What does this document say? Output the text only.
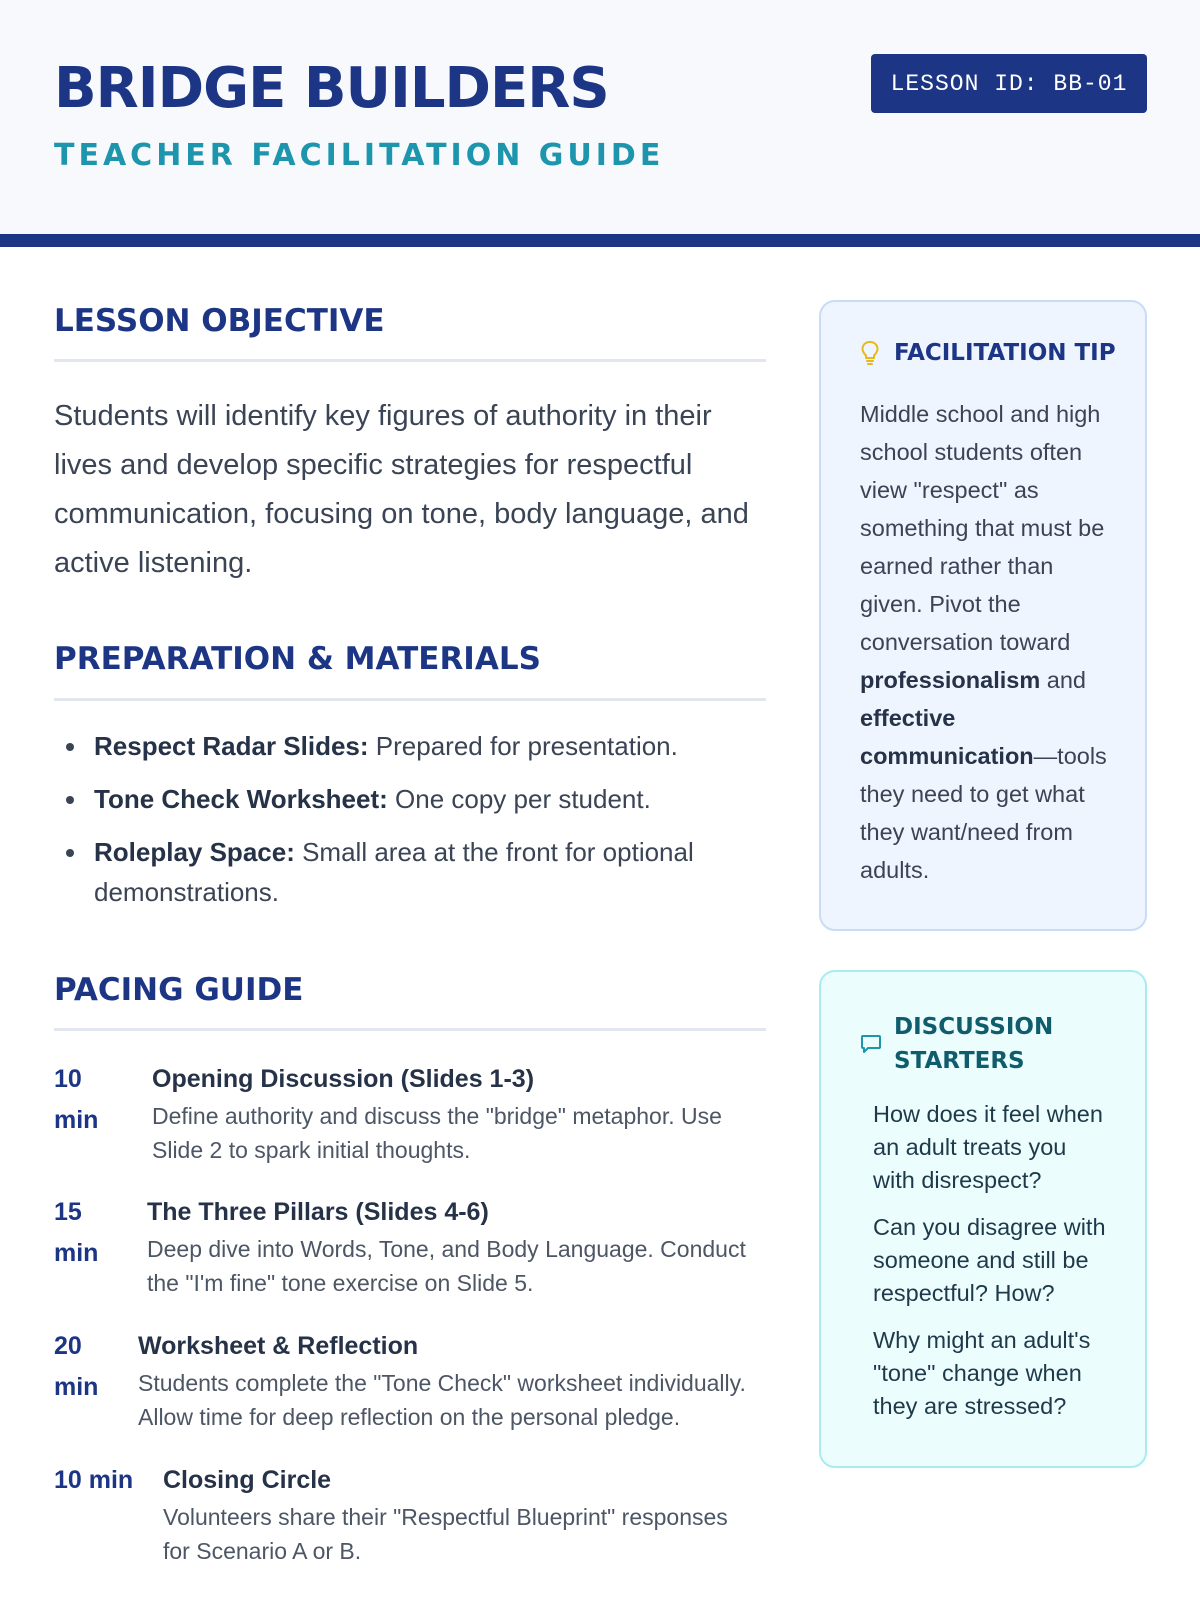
BRIDGE BUILDERS
TEACHER FACILITATION GUIDE
LESSON ID: BB-01
LESSON OBJECTIVE

Students will identify key figures of authority in their lives and develop specific strategies for respectful communication, focusing on tone, body language, and active listening.

PREPARATION & MATERIALS
Respect Radar Slides: Prepared for presentation.
Tone Check Worksheet: One copy per student.
Roleplay Space: Small area at the front for optional demonstrations.
PACING GUIDE
10 min
Opening Discussion (Slides 1-3)
Define authority and discuss the "bridge" metaphor. Use Slide 2 to spark initial thoughts.
15 min
The Three Pillars (Slides 4-6)
Deep dive into Words, Tone, and Body Language. Conduct the "I'm fine" tone exercise on Slide 5.
20 min
Worksheet & Reflection
Students complete the "Tone Check" worksheet individually. Allow time for deep reflection on the personal pledge.
10 min	Closing Circle
Volunteers share their "Respectful Blueprint" responses for Scenario A or B.
FACILITATION TIP

Middle school and high school students often view "respect" as something that must be earned rather than given. Pivot the conversation toward professionalism and effective communication—tools they need to get what they want/need from adults.

DISCUSSION STARTERS

How does it feel when an adult treats you with disrespect?

Can you disagree with someone and still be respectful? How?

Why might an adult's "tone" change when they are stressed?
